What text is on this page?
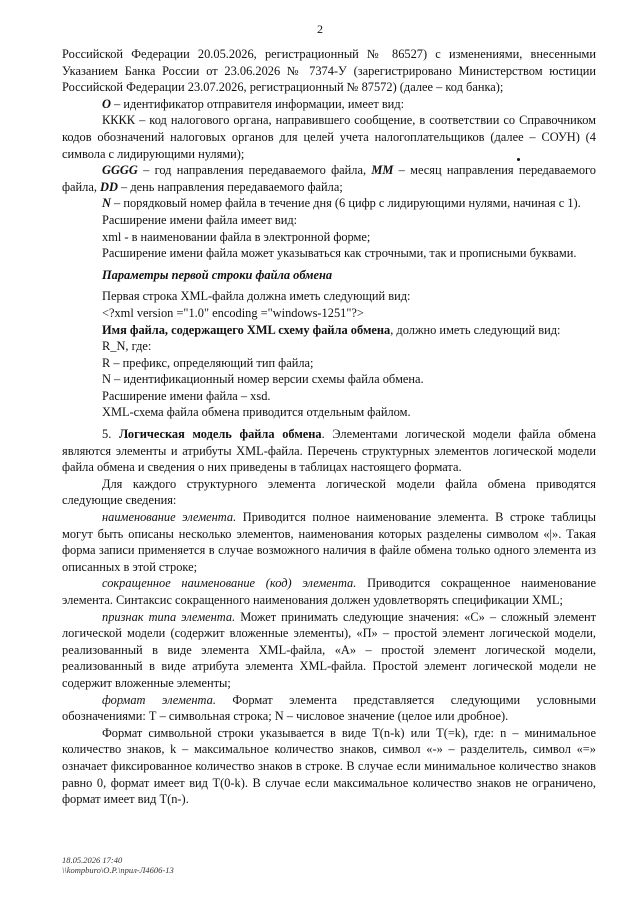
2

Российской Федерации 20.05.2026, регистрационный № 86527) с изменениями, внесенными Указанием Банка России от 23.06.2026 № 7374-У (зарегистрировано Министерством юстиции Российской Федерации 23.07.2026, регистрационный № 87572) (далее – код банка);

O – идентификатор отправителя информации, имеет вид:

КККК – код налогового органа, направившего сообщение, в соответствии со Справочником кодов обозначений налоговых органов для целей учета налогоплательщиков (далее – СОУН) (4 символа с лидирующими нулями);

GGGG – год направления передаваемого файла, MM – месяц направления передаваемого файла, DD – день направления передаваемого файла;

N – порядковый номер файла в течение дня (6 цифр с лидирующими нулями, начиная с 1).

Расширение имени файла имеет вид:

xml - в наименовании файла в электронной форме;

Расширение имени файла может указываться как строчными, так и прописными буквами.

Параметры первой строки файла обмена

Первая строка XML-файла должна иметь следующий вид:

<?xml version ="1.0" encoding ="windows-1251"?>

Имя файла, содержащего XML схему файла обмена, должно иметь следующий вид:

R_N, где:

R – префикс, определяющий тип файла;

N – идентификационный номер версии схемы файла обмена.

Расширение имени файла – xsd.

XML-схема файла обмена приводится отдельным файлом.

5. Логическая модель файла обмена. Элементами логической модели файла обмена являются элементы и атрибуты XML-файла. Перечень структурных элементов логической модели файла обмена и сведения о них приведены в таблицах настоящего формата.

Для каждого структурного элемента логической модели файла обмена приводятся следующие сведения:

наименование элемента. Приводится полное наименование элемента. В строке таблицы могут быть описаны несколько элементов, наименования которых разделены символом «|». Такая форма записи применяется в случае возможного наличия в файле обмена только одного элемента из описанных в этой строке;

сокращенное наименование (код) элемента. Приводится сокращенное наименование элемента. Синтаксис сокращенного наименования должен удовлетворять спецификации XML;

признак типа элемента. Может принимать следующие значения: «С» – сложный элемент логической модели (содержит вложенные элементы), «П» – простой элемент логической модели, реализованный в виде элемента XML-файла, «А» – простой элемент логической модели, реализованный в виде атрибута элемента XML-файла. Простой элемент логической модели не содержит вложенные элементы;

формат элемента. Формат элемента представляется следующими условными обозначениями: Т – символьная строка; N – числовое значение (целое или дробное).

Формат символьной строки указывается в виде Т(n-k) или Т(=k), где: n – минимальное количество знаков, k – максимальное количество знаков, символ «-» – разделитель, символ «=» означает фиксированное количество знаков в строке. В случае если минимальное количество знаков равно 0, формат имеет вид Т(0-k). В случае если максимальное количество знаков не ограничено, формат имеет вид Т(n-).

18.05.2026 17:40
\\kompburo\О.Р.\прил-Л4606-13
